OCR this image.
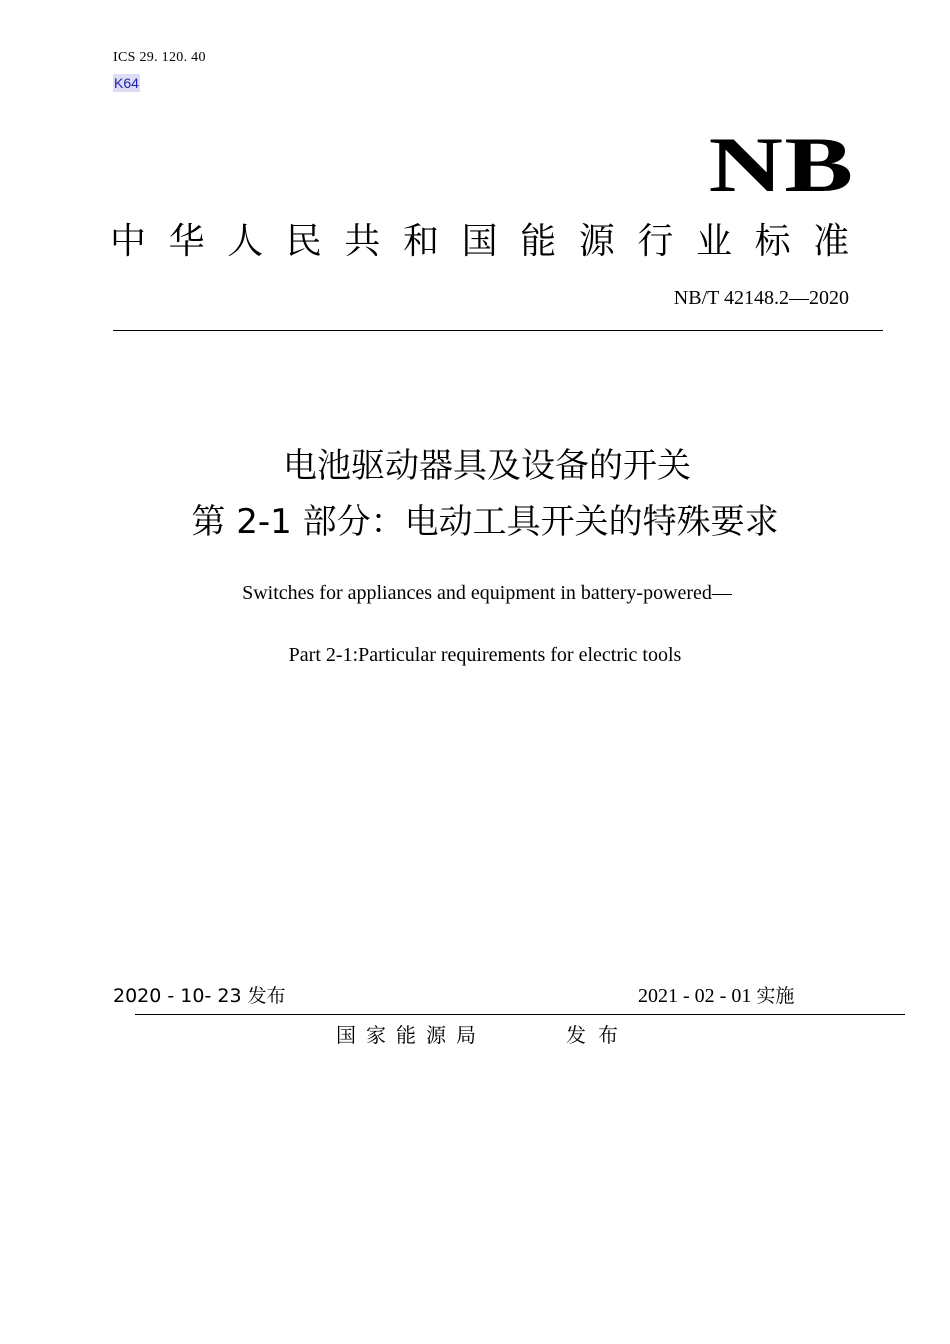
ICS 29. 120. 40
K64
NB
中华人民共和国能源行业标准
NB/T 42148.2—2020
电池驱动器具及设备的开关
第 2-1 部分：电动工具开关的特殊要求
Switches for appliances and equipment in battery-powered—
Part 2-1:Particular requirements for electric tools
2020 - 10- 23 发布	2021 - 02 - 01 实施
国家能源局	发布
